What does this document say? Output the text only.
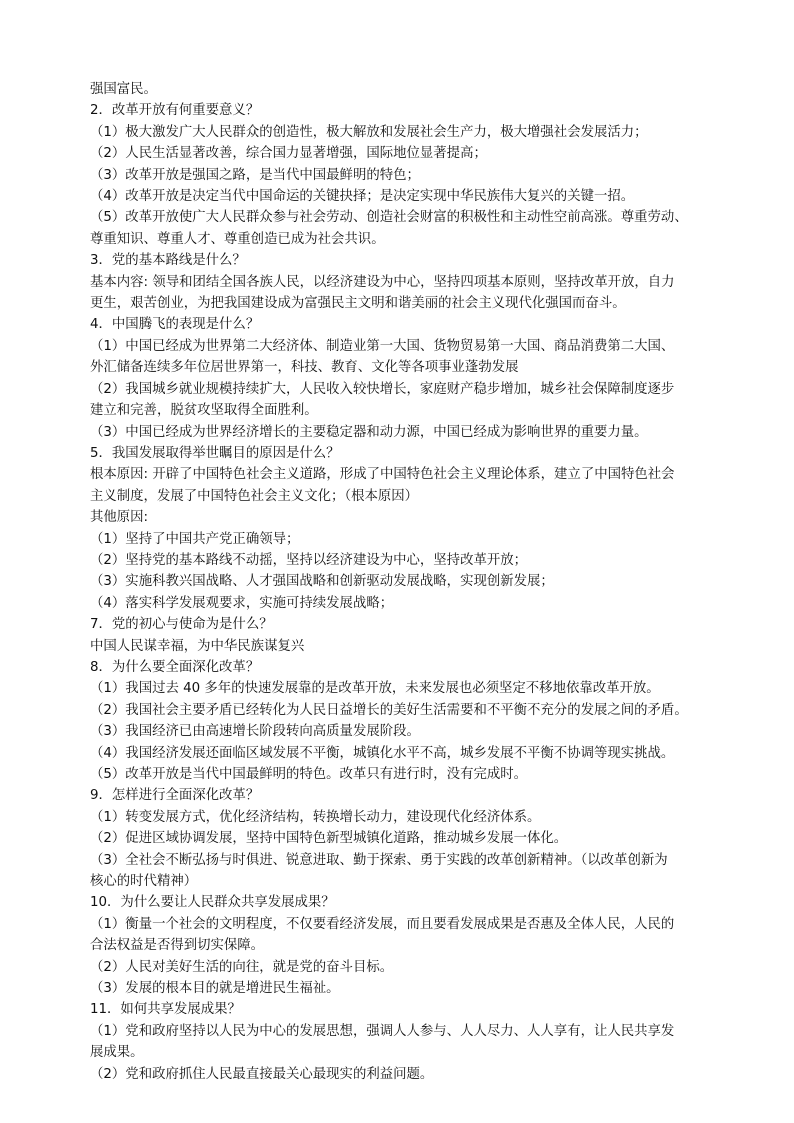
强国富民。

2．改革开放有何重要意义？

（1）极大激发广大人民群众的创造性，极大解放和发展社会生产力，极大增强社会发展活力；

（2）人民生活显著改善，综合国力显著增强，国际地位显著提高；

（3）改革开放是强国之路，是当代中国最鲜明的特色；

（4）改革开放是决定当代中国命运的关键抉择；是决定实现中华民族伟大复兴的关键一招。

（5）改革开放使广大人民群众参与社会劳动、创造社会财富的积极性和主动性空前高涨。尊重劳动、

尊重知识、尊重人才、尊重创造已成为社会共识。

3．党的基本路线是什么？

基本内容: 领导和团结全国各族人民，以经济建设为中心，坚持四项基本原则，坚持改革开放，自力

更生，艰苦创业，为把我国建设成为富强民主文明和谐美丽的社会主义现代化强国而奋斗。

4．中国腾飞的表现是什么？

（1）中国已经成为世界第二大经济体、制造业第一大国、货物贸易第一大国、商品消费第二大国、

外汇储备连续多年位居世界第一，科技、教育、文化等各项事业蓬勃发展

（2）我国城乡就业规模持续扩大，人民收入较快增长，家庭财产稳步增加，城乡社会保障制度逐步

建立和完善，脱贫攻坚取得全面胜利。

（3）中国已经成为世界经济增长的主要稳定器和动力源，中国已经成为影响世界的重要力量。

5．我国发展取得举世瞩目的原因是什么？

根本原因: 开辟了中国特色社会主义道路，形成了中国特色社会主义理论体系，建立了中国特色社会

主义制度，发展了中国特色社会主义文化；（根本原因）

其他原因:

（1）坚持了中国共产党正确领导；

（2）坚持党的基本路线不动摇，坚持以经济建设为中心，坚持改革开放；

（3）实施科教兴国战略、人才强国战略和创新驱动发展战略，实现创新发展；

（4）落实科学发展观要求，实施可持续发展战略；

7．党的初心与使命为是什么？

中国人民谋幸福，为中华民族谋复兴

8．为什么要全面深化改革？

（1）我国过去 40 多年的快速发展靠的是改革开放，未来发展也必须坚定不移地依靠改革开放。

（2）我国社会主要矛盾已经转化为人民日益增长的美好生活需要和不平衡不充分的发展之间的矛盾。

（3）我国经济已由高速增长阶段转向高质量发展阶段。

（4）我国经济发展还面临区域发展不平衡，城镇化水平不高，城乡发展不平衡不协调等现实挑战。

（5）改革开放是当代中国最鲜明的特色。改革只有进行时，没有完成时。

9．怎样进行全面深化改革？

（1）转变发展方式，优化经济结构，转换增长动力，建设现代化经济体系。

（2）促进区域协调发展，坚持中国特色新型城镇化道路，推动城乡发展一体化。

（3）全社会不断弘扬与时俱进、锐意进取、勤于探索、勇于实践的改革创新精神。（以改革创新为

核心的时代精神）

10．为什么要让人民群众共享发展成果？

（1）衡量一个社会的文明程度，不仅要看经济发展，而且要看发展成果是否惠及全体人民，人民的

合法权益是否得到切实保障。

（2）人民对美好生活的向往，就是党的奋斗目标。

（3）发展的根本目的就是增进民生福祉。

11．如何共享发展成果？

（1）党和政府坚持以人民为中心的发展思想，强调人人参与、人人尽力、人人享有，让人民共享发

展成果。

（2）党和政府抓住人民最直接最关心最现实的利益问题。
